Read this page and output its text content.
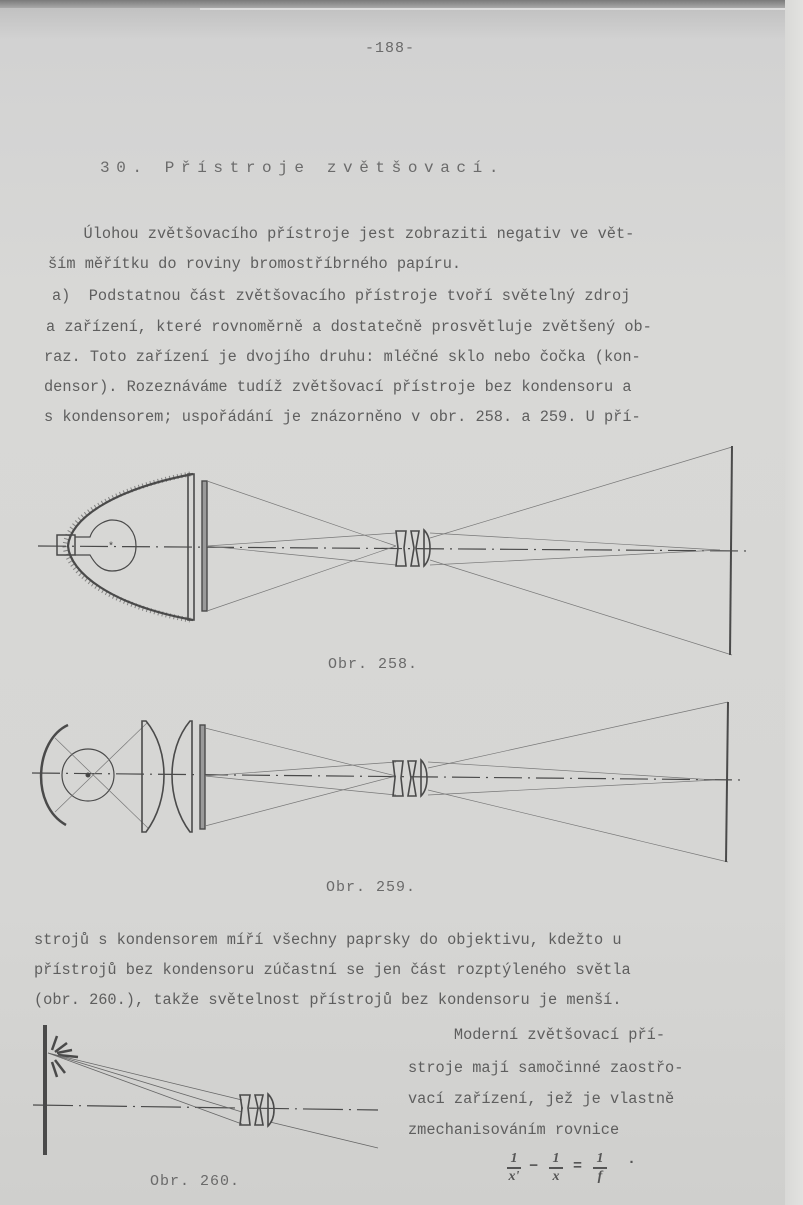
-188-
30. Přístroje zvětšovací.
Úlohou zvětšovacího přístroje jest zobraziti negativ ve vět-
ším měřítku do roviny bromostříbrného papíru.
a)  Podstatnou část zvětšovacího přístroje tvoří světelný zdroj
a zařízení, které rovnoměrně a dostatečně prosvětluje zvětšený ob-
raz. Toto zařízení je dvojího druhu: mléčné sklo nebo čočka (kon-
densor). Rozeznáváme tudíž zvětšovací přístroje bez kondensoru a
s kondensorem; uspořádání je znázorněno v obr. 258. a 259. U pří-
*
Obr. 258.
Obr. 259.
strojů s kondensorem míří všechny paprsky do objektivu, kdežto u
přístrojů bez kondensoru zúčastní se jen část rozptýleného světla
(obr. 260.), takže světelnost přístrojů bez kondensoru je menší.
Obr. 260.
Moderní zvětšovací pří-
stroje mají samočinné zaostřo-
vací zařízení, jež je vlastně
zmechanisováním rovnice
1
x'
− 1
x
= 1
f
·
